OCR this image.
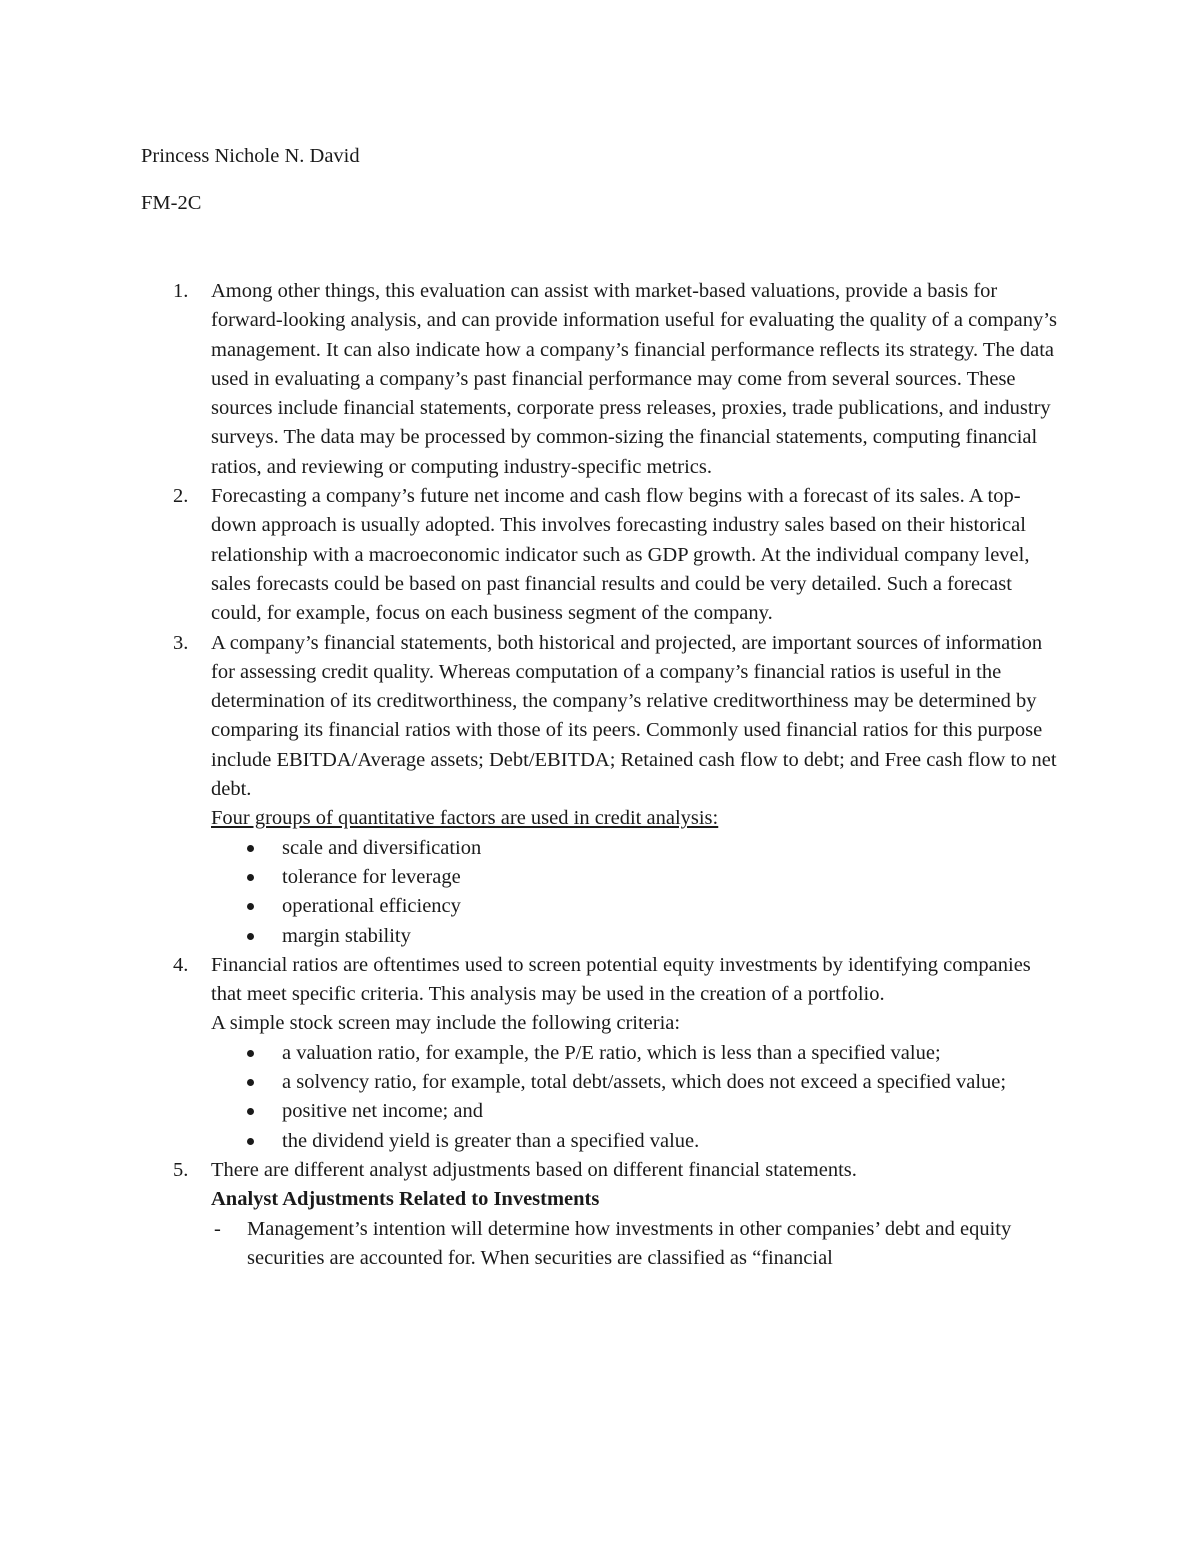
Princess Nichole N. David
FM-2C
1. Among other things, this evaluation can assist with market-based valuations, provide a basis for forward-looking analysis, and can provide information useful for evaluating the quality of a company’s management. It can also indicate how a company’s financial performance reflects its strategy. The data used in evaluating a company’s past financial performance may come from several sources. These sources include financial statements, corporate press releases, proxies, trade publications, and industry surveys. The data may be processed by common-sizing the financial statements, computing financial ratios, and reviewing or computing industry-specific metrics.
2. Forecasting a company’s future net income and cash flow begins with a forecast of its sales. A top-down approach is usually adopted. This involves forecasting industry sales based on their historical relationship with a macroeconomic indicator such as GDP growth. At the individual company level, sales forecasts could be based on past financial results and could be very detailed. Such a forecast could, for example, focus on each business segment of the company.
3. A company’s financial statements, both historical and projected, are important sources of information for assessing credit quality. Whereas computation of a company’s financial ratios is useful in the determination of its creditworthiness, the company’s relative creditworthiness may be determined by comparing its financial ratios with those of its peers. Commonly used financial ratios for this purpose include EBITDA/Average assets; Debt/EBITDA; Retained cash flow to debt; and Free cash flow to net debt.
Four groups of quantitative factors are used in credit analysis:
scale and diversification
tolerance for leverage
operational efficiency
margin stability
4. Financial ratios are oftentimes used to screen potential equity investments by identifying companies that meet specific criteria. This analysis may be used in the creation of a portfolio.
A simple stock screen may include the following criteria:
a valuation ratio, for example, the P/E ratio, which is less than a specified value;
a solvency ratio, for example, total debt/assets, which does not exceed a specified value;
positive net income; and
the dividend yield is greater than a specified value.
5. There are different analyst adjustments based on different financial statements.
Analyst Adjustments Related to Investments
- Management’s intention will determine how investments in other companies’ debt and equity securities are accounted for. When securities are classified as “financial
